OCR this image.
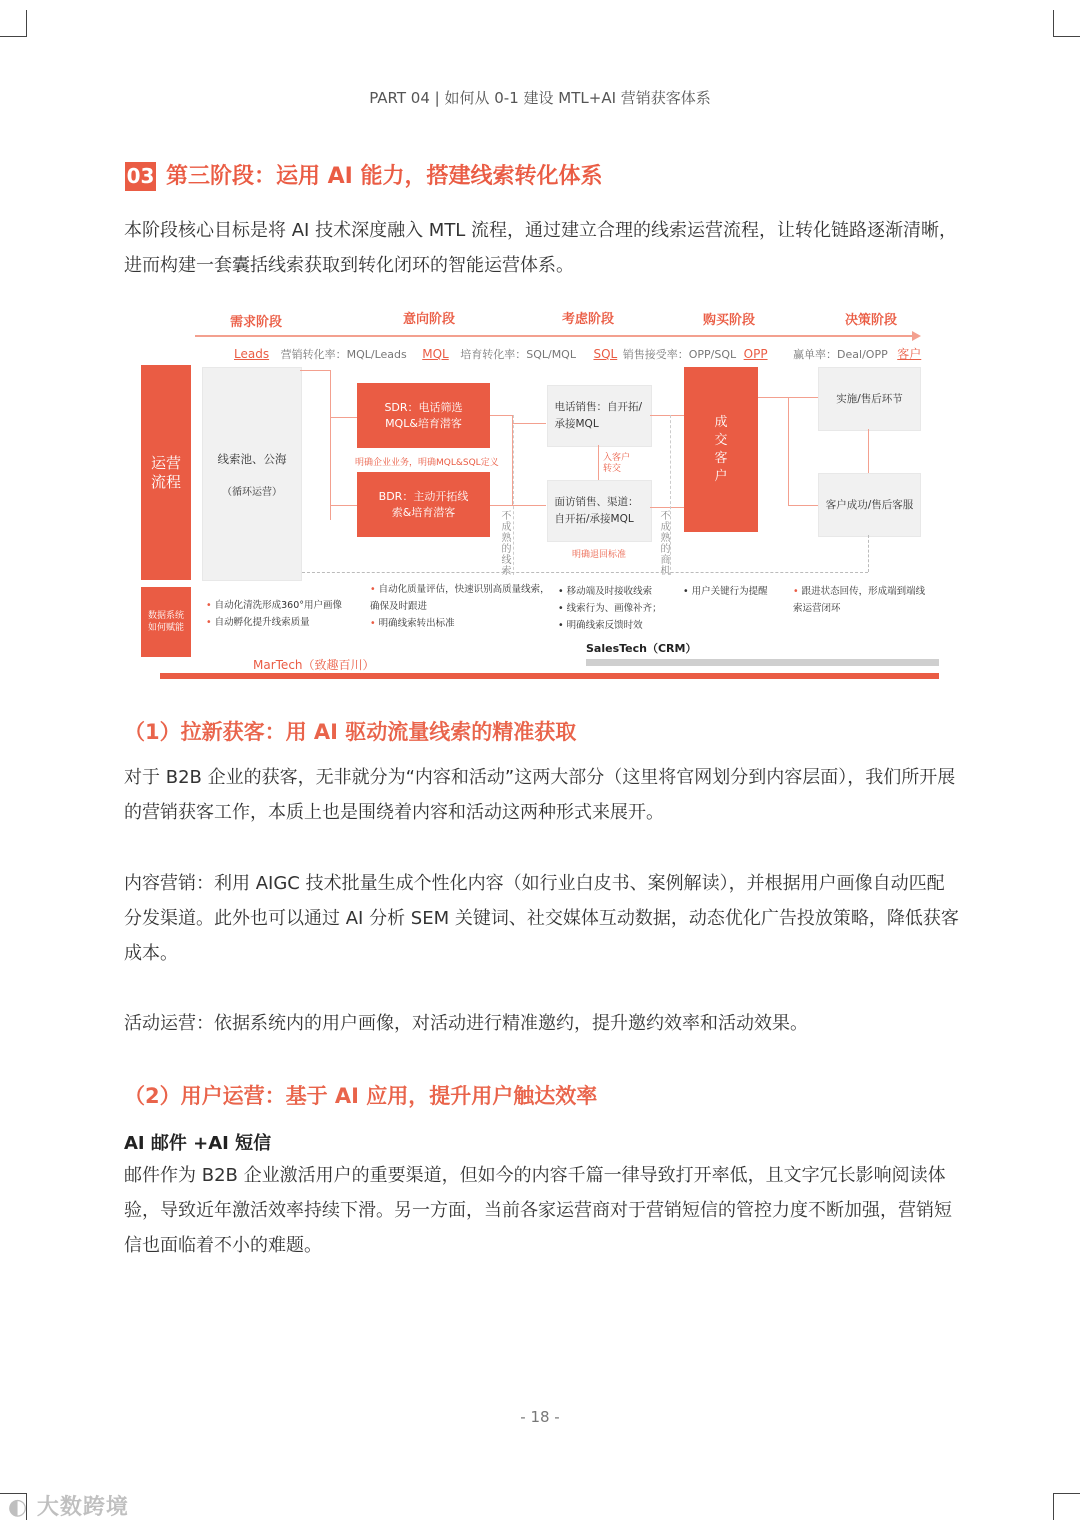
PART 04 | 如何从 0-1 建设 MTL+AI 营销获客体系
03 第三阶段：运用 AI 能力，搭建线索转化体系

本阶段核心目标是将 AI 技术深度融入 MTL 流程，通过建立合理的线索运营流程，让转化链路逐渐清晰，进而构建一套囊括线索获取到转化闭环的智能运营体系。

需求阶段	意向阶段	考虑阶段	购买阶段	决策阶段
Leads 营销转化率：MQL/Leads MQL 培育转化率：SQL/MQL SQL 销售接受率：OPP/SQL OPP 赢单率：Deal/OPP 客户
运营流程
数据系统如何赋能
线索池、公海
（循环运营）
SDR：电话筛选MQL&培育潜客
明确企业业务，明确MQL&SQL定义
BDR：主动开拓线索&培育潜客	不成熟的线索
电话销售：自开拓/承接MQL
入客户转交
面访销售、渠道：自开拓/承接MQL
明确退回标准	不成熟的商机
成交客户
实施/售后环节
客户成功/售后客服
• 自动化清洗形成360°用户画像
• 自动孵化提升线索质量
• 自动化质量评估，快速识别高质量线索，确保及时跟进
• 明确线索转出标准
• 移动端及时接收线索
• 线索行为、画像补齐；
• 明确线索反馈时效
• 用户关键行为提醒	• 跟进状态回传，形成端到端线索运营闭环
SalesTech（CRM）
MarTech（致趣百川）
（1）拉新获客：用 AI 驱动流量线索的精准获取

对于 B2B 企业的获客，无非就分为“内容和活动”这两大部分（这里将官网划分到内容层面），我们所开展的营销获客工作，本质上也是围绕着内容和活动这两种形式来展开。

内容营销：利用 AIGC 技术批量生成个性化内容（如行业白皮书、案例解读），并根据用户画像自动匹配分发渠道。此外也可以通过 AI 分析 SEM 关键词、社交媒体互动数据，动态优化广告投放策略，降低获客成本。

活动运营：依据系统内的用户画像，对活动进行精准邀约，提升邀约效率和活动效果。

（2）用户运营：基于 AI 应用，提升用户触达效率
AI 邮件 +AI 短信

邮件作为 B2B 企业激活用户的重要渠道，但如今的内容千篇一律导致打开率低，且文字冗长影响阅读体验，导致近年激活效率持续下滑。另一方面，当前各家运营商对于营销短信的管控力度不断加强，营销短信也面临着不小的难题。

- 18 -
◐ 大数跨境
